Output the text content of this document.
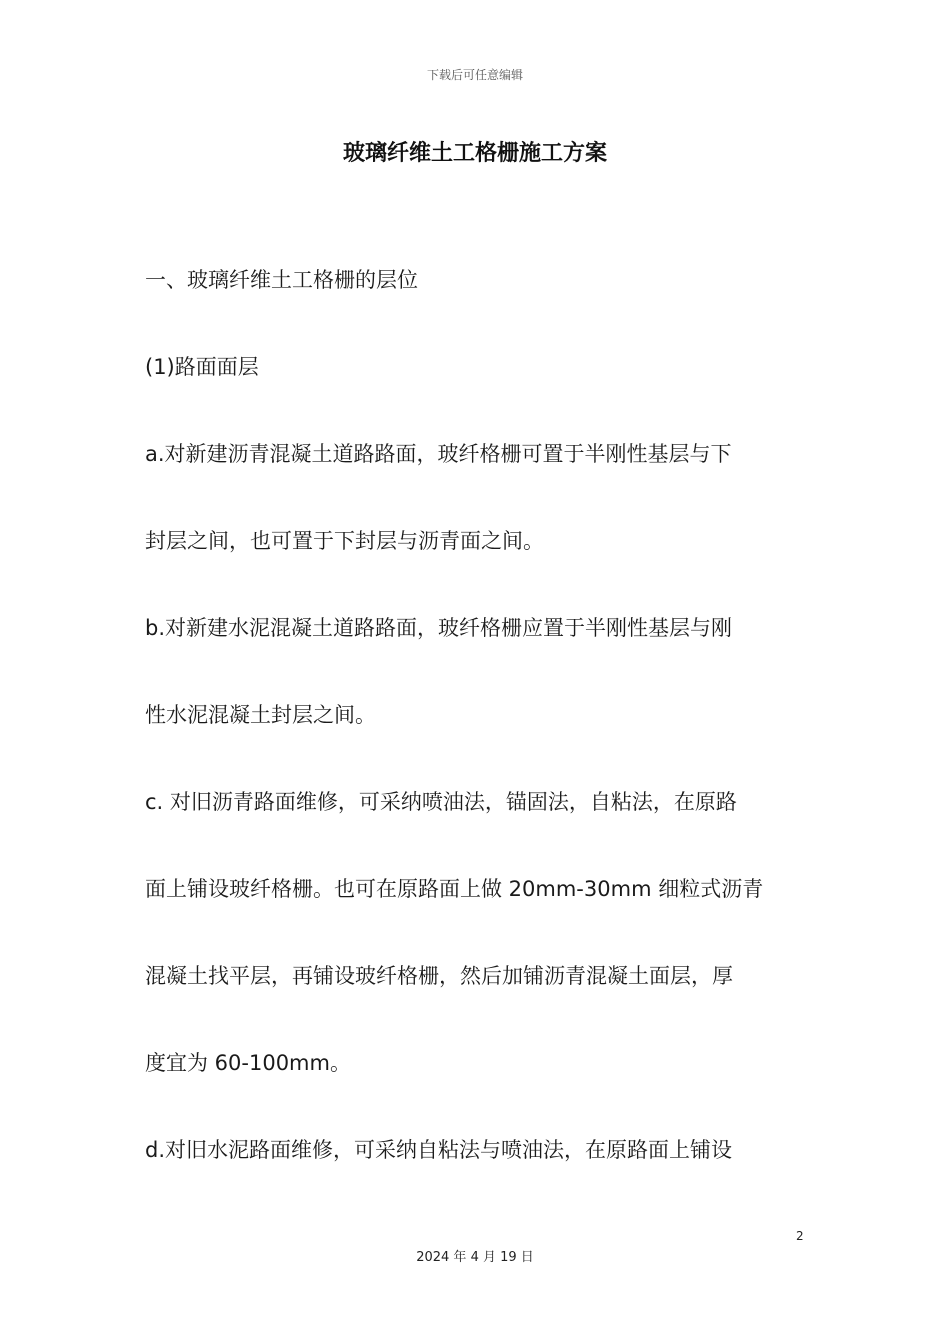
下载后可任意编辑
玻璃纤维土工格栅施工方案
一、玻璃纤维土工格栅的层位
(1)路面面层
a.对新建沥青混凝土道路路面，玻纤格栅可置于半刚性基层与下
封层之间，也可置于下封层与沥青面之间。
b.对新建水泥混凝土道路路面，玻纤格栅应置于半刚性基层与刚
性水泥混凝土封层之间。
c. 对旧沥青路面维修，可采纳喷油法，锚固法，自粘法，在原路
面上铺设玻纤格栅。也可在原路面上做 20mm-30mm 细粒式沥青
混凝土找平层，再铺设玻纤格栅，然后加铺沥青混凝土面层，厚
度宜为 60-100mm。
d.对旧水泥路面维修，可采纳自粘法与喷油法，在原路面上铺设
2
2024 年 4 月 19 日
